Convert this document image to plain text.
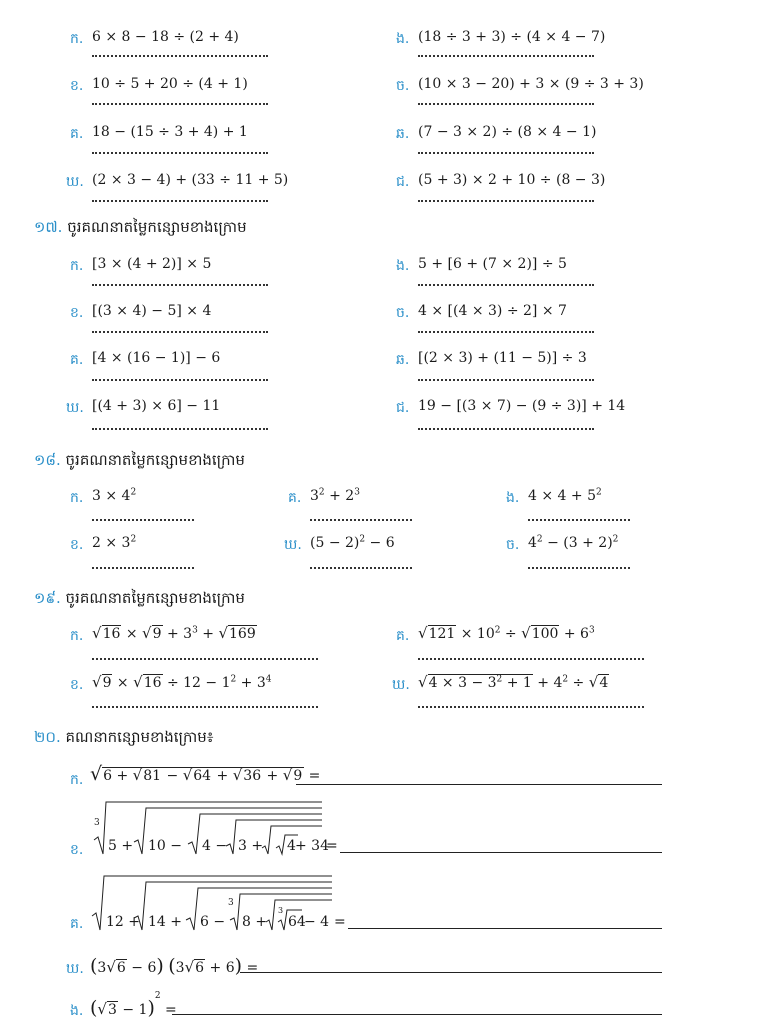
ក. 6 × 8 − 18 ÷ (2 + 4)	ង. (18 ÷ 3 + 3) ÷ (4 × 4 − 7)
ខ. 10 ÷ 5 + 20 ÷ (4 + 1)	ច. (10 × 3 − 20) + 3 × (9 ÷ 3 + 3)
គ. 18 − (15 ÷ 3 + 4) + 1	ឆ. (7 − 3 × 2) ÷ (8 × 4 − 1)
ឃ. (2 × 3 − 4) + (33 ÷ 11 + 5)	ជ. (5 + 3) × 2 + 10 ÷ (8 − 3)
១៧. ចូរគណនាតម្លៃកន្សោមខាងក្រោម
ក. [3 × (4 + 2)] × 5	ង. 5 + [6 + (7 × 2)] ÷ 5
ខ. [(3 × 4) − 5] × 4	ច. 4 × [(4 × 3) ÷ 2] × 7
គ. [4 × (16 − 1)] − 6	ឆ. [(2 × 3) + (11 − 5)] ÷ 3
ឃ. [(4 + 3) × 6] − 11	ជ. 19 − [(3 × 7) − (9 ÷ 3)] + 14
១៨. ចូរគណនាតម្លៃកន្សោមខាងក្រោម
ក. $3 \times 4^2$	គ. $3^2 + 2^3$	ង. $4 \times 4 + 5^2$
ខ. $2 \times 3^2$	ឃ. $(5 - 2)^2 - 6$	ច. $4^2 - (3 + 2)^2$
១៩. ចូរគណនាតម្លៃកន្សោមខាងក្រោម
ក. $√16 \times √9 + 3^3 + √169$	គ. $√121 \times 10^2 \div √100 + 6^3$
ខ. $√9 \times √16 \div 12 - 1^2 + 3^4$	ឃ. $√4 \times 3 - 3^2 + 1 + 4^2 \div √4$
២០. គណនាកន្សោមខាងក្រោម៖
ក. √6 + √81 − √64 + √36 + √9 =
ខ.
3
5 + 10 − 4 − 3 + 4 + 34
=
គ. 12 + 14 + 6 −
3
8 +
3
64
− 4 =
ឃ. (3√6 − 6) (3√6 + 6) =
ង. $(√3 - 1)^2$ =
